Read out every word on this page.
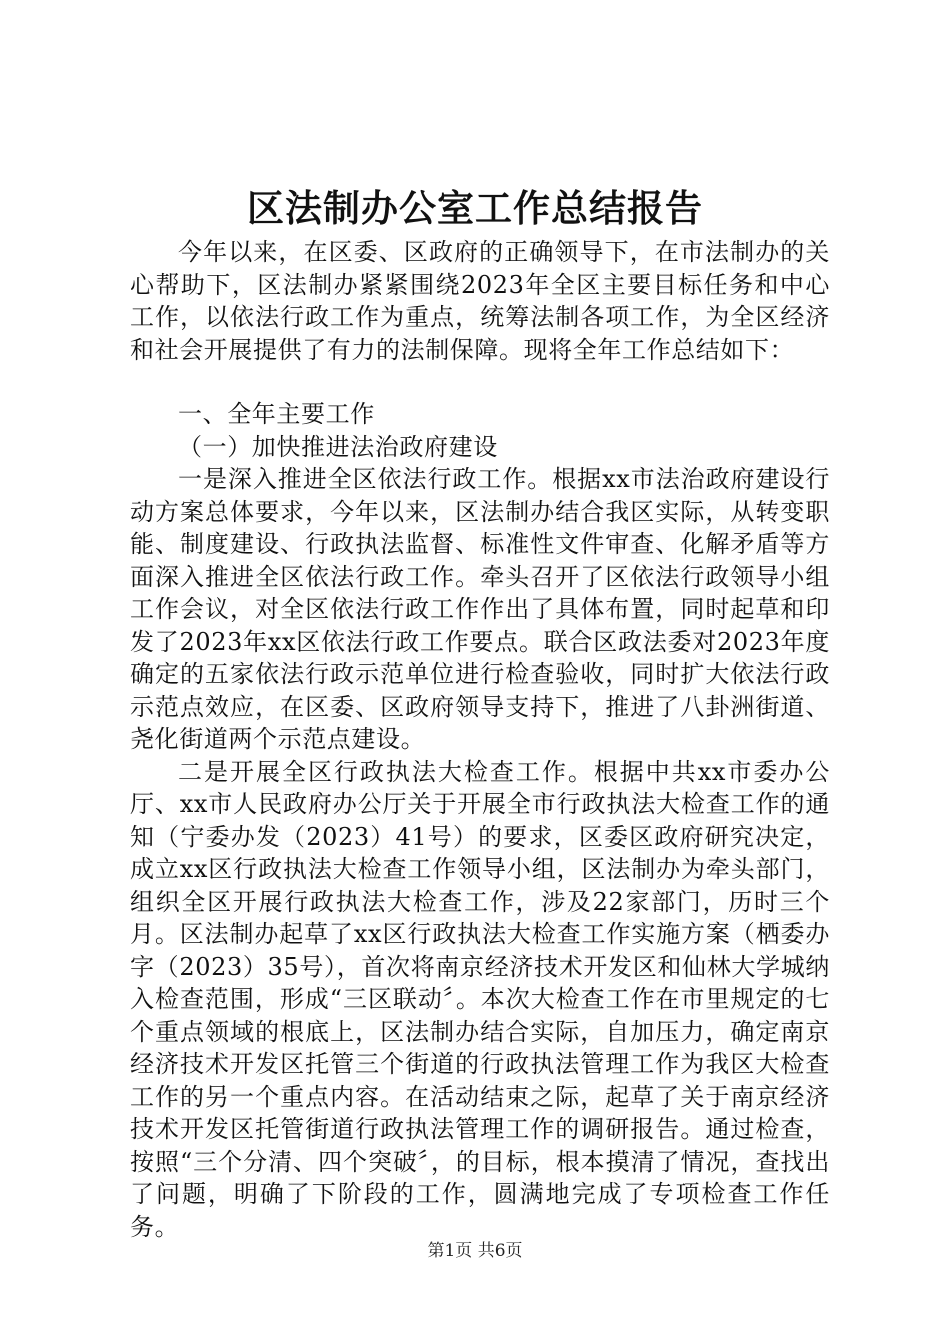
区法制办公室工作总结报告

今年以来，在区委、区政府的正确领导下，在市法制办的关心帮助下，区法制办紧紧围绕2023年全区主要目标任务和中心工作，以依法行政工作为重点，统筹法制各项工作，为全区经济和社会开展提供了有力的法制保障。现将全年工作总结如下：

一、全年主要工作

（一）加快推进法治政府建设

一是深入推进全区依法行政工作。根据xx市法治政府建设行动方案总体要求，今年以来，区法制办结合我区实际，从转变职能、制度建设、行政执法监督、标准性文件审查、化解矛盾等方面深入推进全区依法行政工作。牵头召开了区依法行政领导小组工作会议，对全区依法行政工作作出了具体布置，同时起草和印发了2023年xx区依法行政工作要点。联合区政法委对2023年度确定的五家依法行政示范单位进行检查验收，同时扩大依法行政示范点效应，在区委、区政府领导支持下，推进了八卦洲街道、尧化街道两个示范点建设。

二是开展全区行政执法大检查工作。根据中共xx市委办公厅、xx市人民政府办公厅关于开展全市行政执法大检查工作的通知（宁委办发（2023）41号）的要求，区委区政府研究决定，成立xx区行政执法大检查工作领导小组，区法制办为牵头部门，组织全区开展行政执法大检查工作，涉及22家部门，历时三个月。区法制办起草了xx区行政执法大检查工作实施方案（栖委办字（2023）35号），首次将南京经济技术开发区和仙林大学城纳入检查范围，形成“三区联动〞。本次大检查工作在市里规定的七个重点领域的根底上，区法制办结合实际，自加压力，确定南京经济技术开发区托管三个街道的行政执法管理工作为我区大检查工作的另一个重点内容。在活动结束之际，起草了关于南京经济技术开发区托管街道行政执法管理工作的调研报告。通过检查，按照“三个分清、四个突破〞，的目标，根本摸清了情况，查找出了问题，明确了下阶段的工作，圆满地完成了专项检查工作任务。

第1页 共6页
